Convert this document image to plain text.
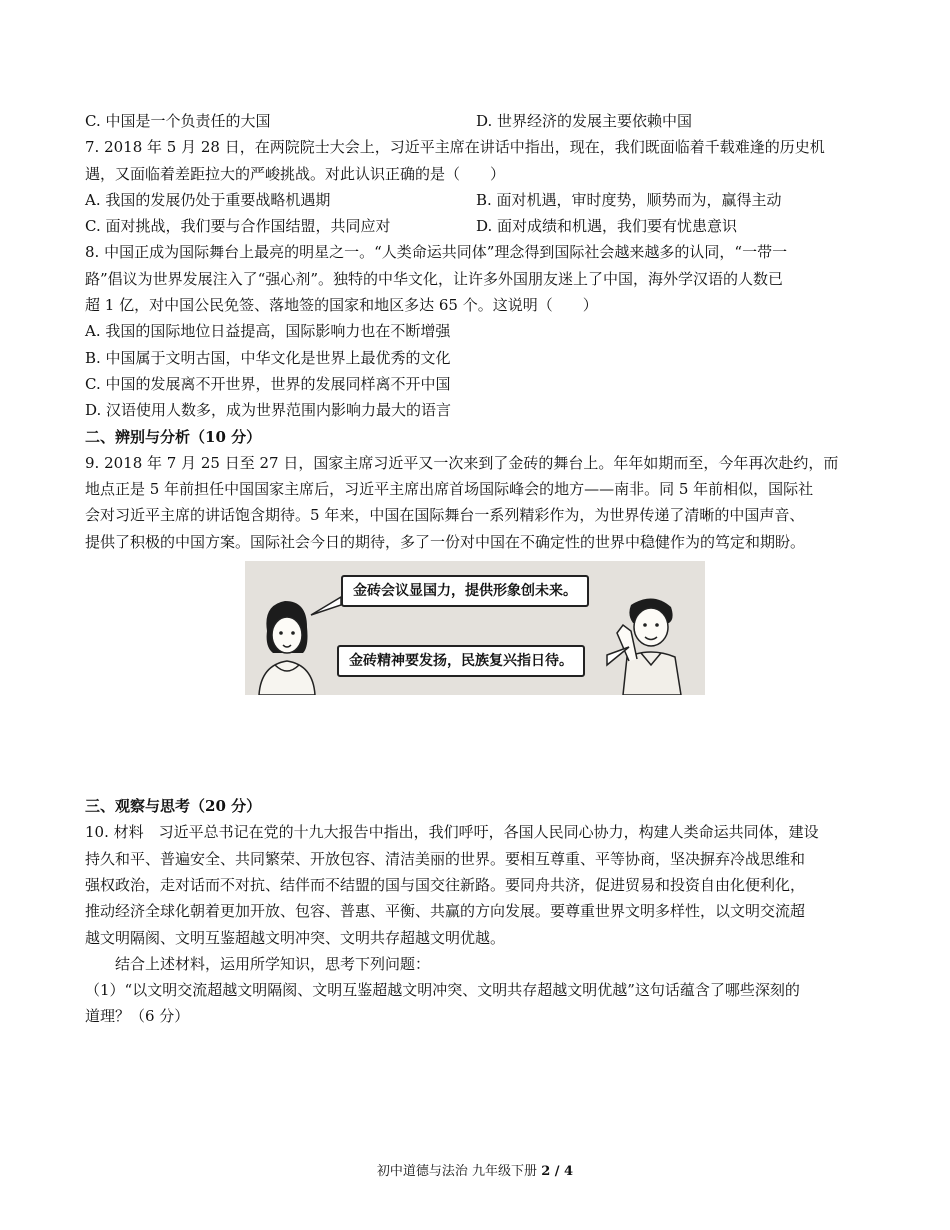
C. 中国是一个负责任的大国	D. 世界经济的发展主要依赖中国
7. 2018 年 5 月 28 日，在两院院士大会上，习近平主席在讲话中指出，现在，我们既面临着千载难逢的历史机
遇，又面临着差距拉大的严峻挑战。对此认识正确的是（　　）
A. 我国的发展仍处于重要战略机遇期	B. 面对机遇，审时度势，顺势而为，赢得主动
C. 面对挑战，我们要与合作国结盟，共同应对	D. 面对成绩和机遇，我们要有忧患意识
8. 中国正成为国际舞台上最亮的明星之一。“人类命运共同体”理念得到国际社会越来越多的认同，“一带一
路”倡议为世界发展注入了“强心剂”。独特的中华文化，让许多外国朋友迷上了中国，海外学汉语的人数已
超 1 亿，对中国公民免签、落地签的国家和地区多达 65 个。这说明（　　）
A. 我国的国际地位日益提高，国际影响力也在不断增强
B. 中国属于文明古国，中华文化是世界上最优秀的文化
C. 中国的发展离不开世界，世界的发展同样离不开中国
D. 汉语使用人数多，成为世界范围内影响力最大的语言
二、辨别与分析（10 分）
9. 2018 年 7 月 25 日至 27 日，国家主席习近平又一次来到了金砖的舞台上。年年如期而至，今年再次赴约，而
地点正是 5 年前担任中国国家主席后，习近平主席出席首场国际峰会的地方——南非。同 5 年前相似，国际社
会对习近平主席的讲话饱含期待。5 年来，中国在国际舞台一系列精彩作为，为世界传递了清晰的中国声音、
提供了积极的中国方案。国际社会今日的期待，多了一份对中国在不确定性的世界中稳健作为的笃定和期盼。
金砖会议显国力，提供形象创未来。
金砖精神要发扬，民族复兴指日待。
三、观察与思考（20 分）
10. 材料　习近平总书记在党的十九大报告中指出，我们呼吁，各国人民同心协力，构建人类命运共同体，建设
持久和平、普遍安全、共同繁荣、开放包容、清洁美丽的世界。要相互尊重、平等协商，坚决摒弃冷战思维和
强权政治，走对话而不对抗、结伴而不结盟的国与国交往新路。要同舟共济，促进贸易和投资自由化便利化，
推动经济全球化朝着更加开放、包容、普惠、平衡、共赢的方向发展。要尊重世界文明多样性，以文明交流超
越文明隔阂、文明互鉴超越文明冲突、文明共存超越文明优越。
结合上述材料，运用所学知识，思考下列问题：
（1）“以文明交流超越文明隔阂、文明互鉴超越文明冲突、文明共存超越文明优越”这句话蕴含了哪些深刻的
道理？（6 分）
初中道德与法治 九年级下册 2 / 4
